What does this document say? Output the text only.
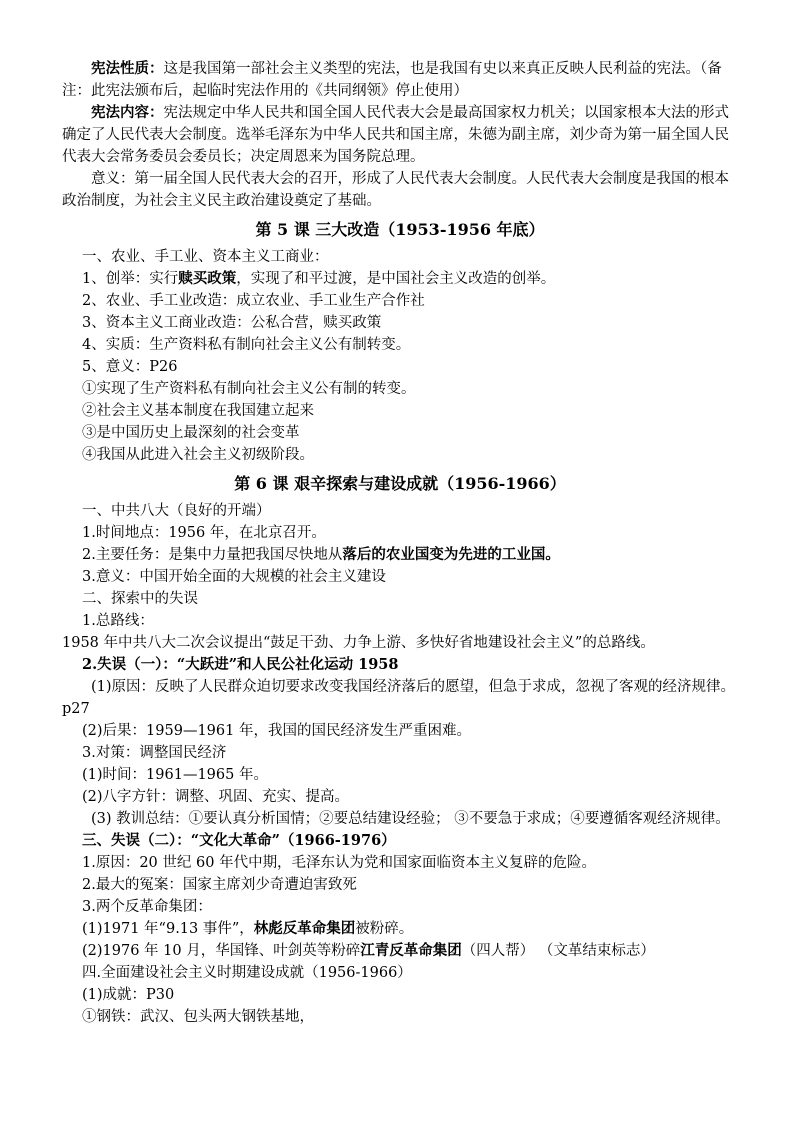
宪法性质：这是我国第一部社会主义类型的宪法，也是我国有史以来真正反映人民利益的宪法。（备注：此宪法颁布后，起临时宪法作用的《共同纲领》停止使用）

宪法内容：宪法规定中华人民共和国全国人民代表大会是最高国家权力机关；以国家根本大法的形式确定了人民代表大会制度。选举毛泽东为中华人民共和国主席，朱德为副主席，刘少奇为第一届全国人民代表大会常务委员会委员长；决定周恩来为国务院总理。

意义：第一届全国人民代表大会的召开，形成了人民代表大会制度。人民代表大会制度是我国的根本政治制度，为社会主义民主政治建设奠定了基础。

第 5 课 三大改造（1953-1956 年底）

一、农业、手工业、资本主义工商业：

1、创举：实行赎买政策，实现了和平过渡，是中国社会主义改造的创举。

2、农业、手工业改造：成立农业、手工业生产合作社

3、资本主义工商业改造：公私合营，赎买政策

4、实质：生产资料私有制向社会主义公有制转变。

5、意义：P26

①实现了生产资料私有制向社会主义公有制的转变。

②社会主义基本制度在我国建立起来

③是中国历史上最深刻的社会变革

④我国从此进入社会主义初级阶段。

第 6 课 艰辛探索与建设成就（1956-1966）

一、中共八大（良好的开端）

1.时间地点：1956 年，在北京召开。

2.主要任务：是集中力量把我国尽快地从落后的农业国变为先进的工业国。

3.意义：中国开始全面的大规模的社会主义建设

二、探索中的失误

1.总路线：

1958 年中共八大二次会议提出“鼓足干劲、力争上游、多快好省地建设社会主义”的总路线。

2.失误（一）：“大跃进”和人民公社化运动 1958

(1)原因：反映了人民群众迫切要求改变我国经济落后的愿望，但急于求成，忽视了客观的经济规律。p27

(2)后果：1959—1961 年，我国的国民经济发生严重困难。

3.对策：调整国民经济

(1)时间：1961—1965 年。

(2)八字方针：调整、巩固、充实、提高。

(3) 教训总结：①要认真分析国情；②要总结建设经验； ③不要急于求成；④要遵循客观经济规律。

三、失误（二）：“文化大革命”（1966-1976）

1.原因：20 世纪 60 年代中期，毛泽东认为党和国家面临资本主义复辟的危险。

2.最大的冤案：国家主席刘少奇遭迫害致死

3.两个反革命集团：

(1)1971 年“9.13 事件”，林彪反革命集团被粉碎。

(2)1976 年 10 月，华国锋、叶剑英等粉碎江青反革命集团（四人帮） （文革结束标志）

四.全面建设社会主义时期建设成就（1956-1966）

(1)成就：P30

①钢铁：武汉、包头两大钢铁基地，
